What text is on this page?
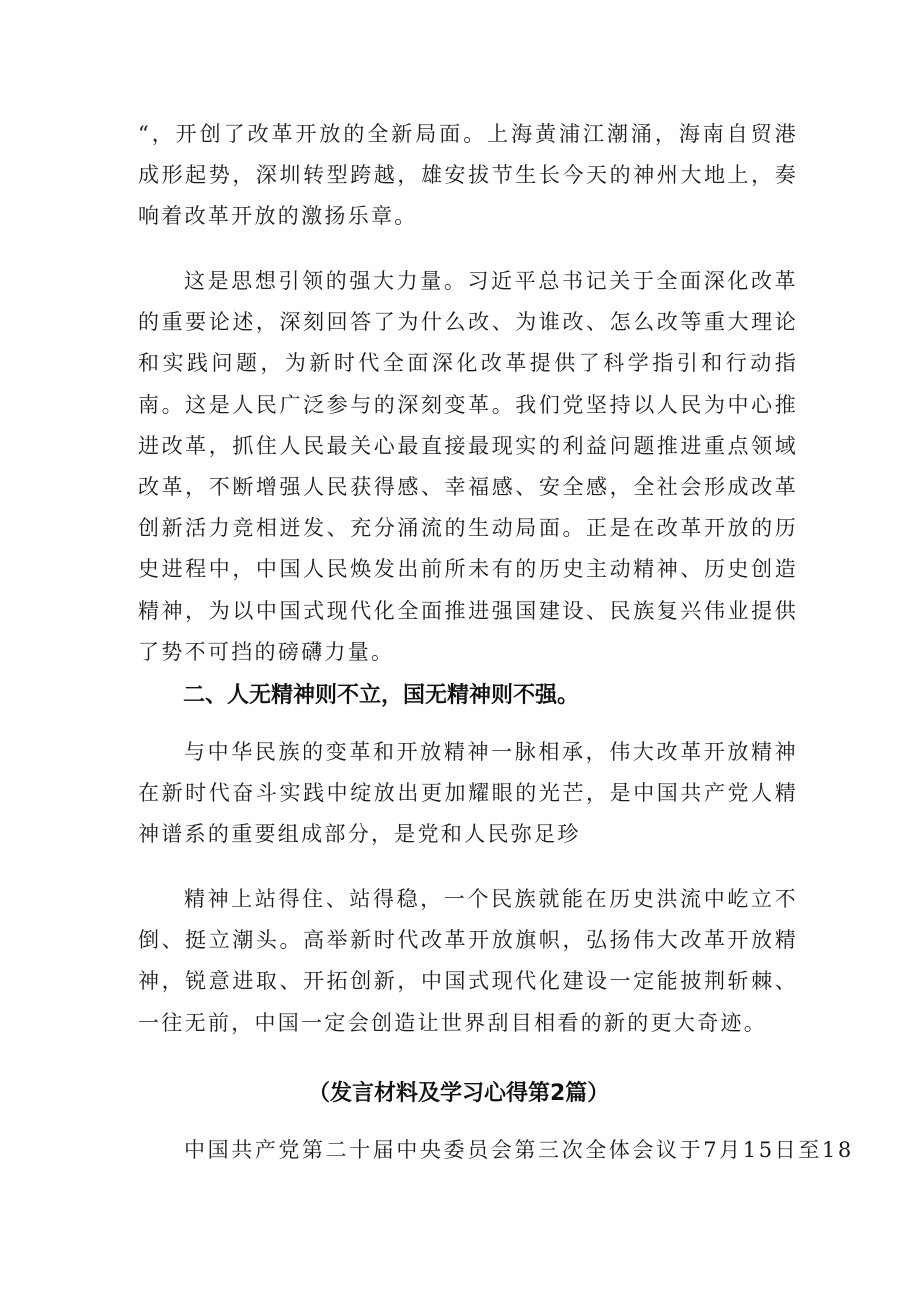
“，开创了改革开放的全新局面。上海黄浦江潮涌，海南自贸港成形起势，深圳转型跨越，雄安拔节生长今天的神州大地上，奏响着改革开放的激扬乐章。

这是思想引领的强大力量。习近平总书记关于全面深化改革的重要论述，深刻回答了为什么改、为谁改、怎么改等重大理论和实践问题，为新时代全面深化改革提供了科学指引和行动指南。这是人民广泛参与的深刻变革。我们党坚持以人民为中心推进改革，抓住人民最关心最直接最现实的利益问题推进重点领域改革，不断增强人民获得感、幸福感、安全感，全社会形成改革创新活力竞相迸发、充分涌流的生动局面。正是在改革开放的历史进程中，中国人民焕发出前所未有的历史主动精神、历史创造精神，为以中国式现代化全面推进强国建设、民族复兴伟业提供了势不可挡的磅礴力量。

二、人无精神则不立，国无精神则不强。

与中华民族的变革和开放精神一脉相承，伟大改革开放精神在新时代奋斗实践中绽放出更加耀眼的光芒，是中国共产党人精神谱系的重要组成部分，是党和人民弥足珍

精神上站得住、站得稳，一个民族就能在历史洪流中屹立不倒、挺立潮头。高举新时代改革开放旗帜，弘扬伟大改革开放精神，锐意进取、开拓创新，中国式现代化建设一定能披荆斩棘、一往无前，中国一定会创造让世界刮目相看的新的更大奇迹。

（发言材料及学习心得第2篇）

中国共产党第二十届中央委员会第三次全体会议于7月15日至18
